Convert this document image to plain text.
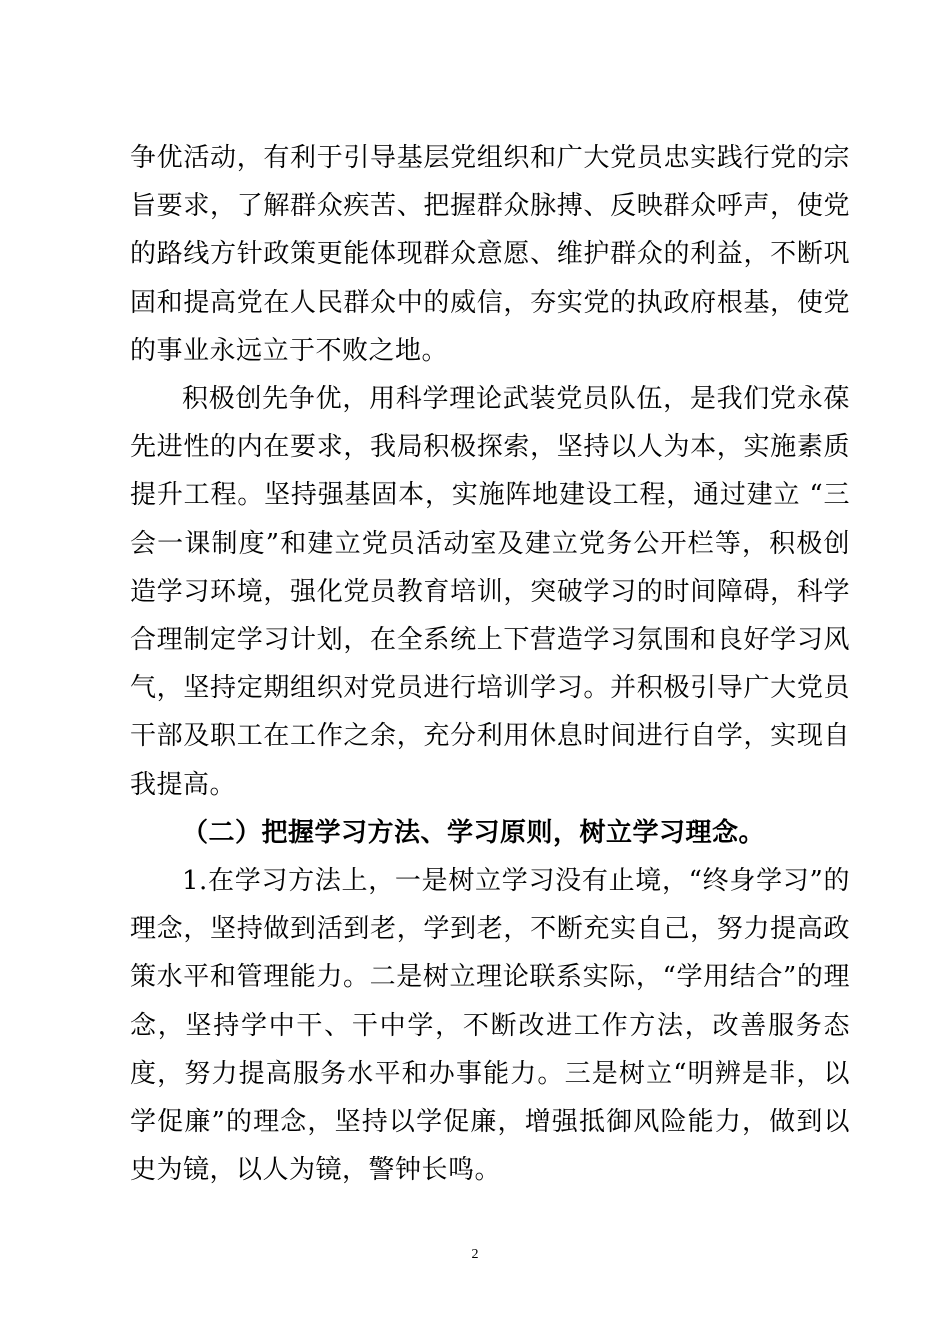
争优活动，有利于引导基层党组织和广大党员忠实践行党的宗旨要求，了解群众疾苦、把握群众脉搏、反映群众呼声，使党的路线方针政策更能体现群众意愿、维护群众的利益，不断巩固和提高党在人民群众中的威信，夯实党的执政府根基，使党的事业永远立于不败之地。

积极创先争优，用科学理论武装党员队伍，是我们党永葆先进性的内在要求，我局积极探索，坚持以人为本，实施素质提升工程。坚持强基固本，实施阵地建设工程，通过建立 “三会一课制度”和建立党员活动室及建立党务公开栏等，积极创造学习环境，强化党员教育培训，突破学习的时间障碍，科学合理制定学习计划，在全系统上下营造学习氛围和良好学习风气，坚持定期组织对党员进行培训学习。并积极引导广大党员干部及职工在工作之余，充分利用休息时间进行自学，实现自我提高。

（二）把握学习方法、学习原则，树立学习理念。

1.在学习方法上，一是树立学习没有止境，“终身学习”的理念，坚持做到活到老，学到老，不断充实自己，努力提高政策水平和管理能力。二是树立理论联系实际，“学用结合”的理念，坚持学中干、干中学，不断改进工作方法，改善服务态度，努力提高服务水平和办事能力。三是树立“明辨是非，以学促廉”的理念，坚持以学促廉，增强抵御风险能力，做到以史为镜，以人为镜，警钟长鸣。

2
